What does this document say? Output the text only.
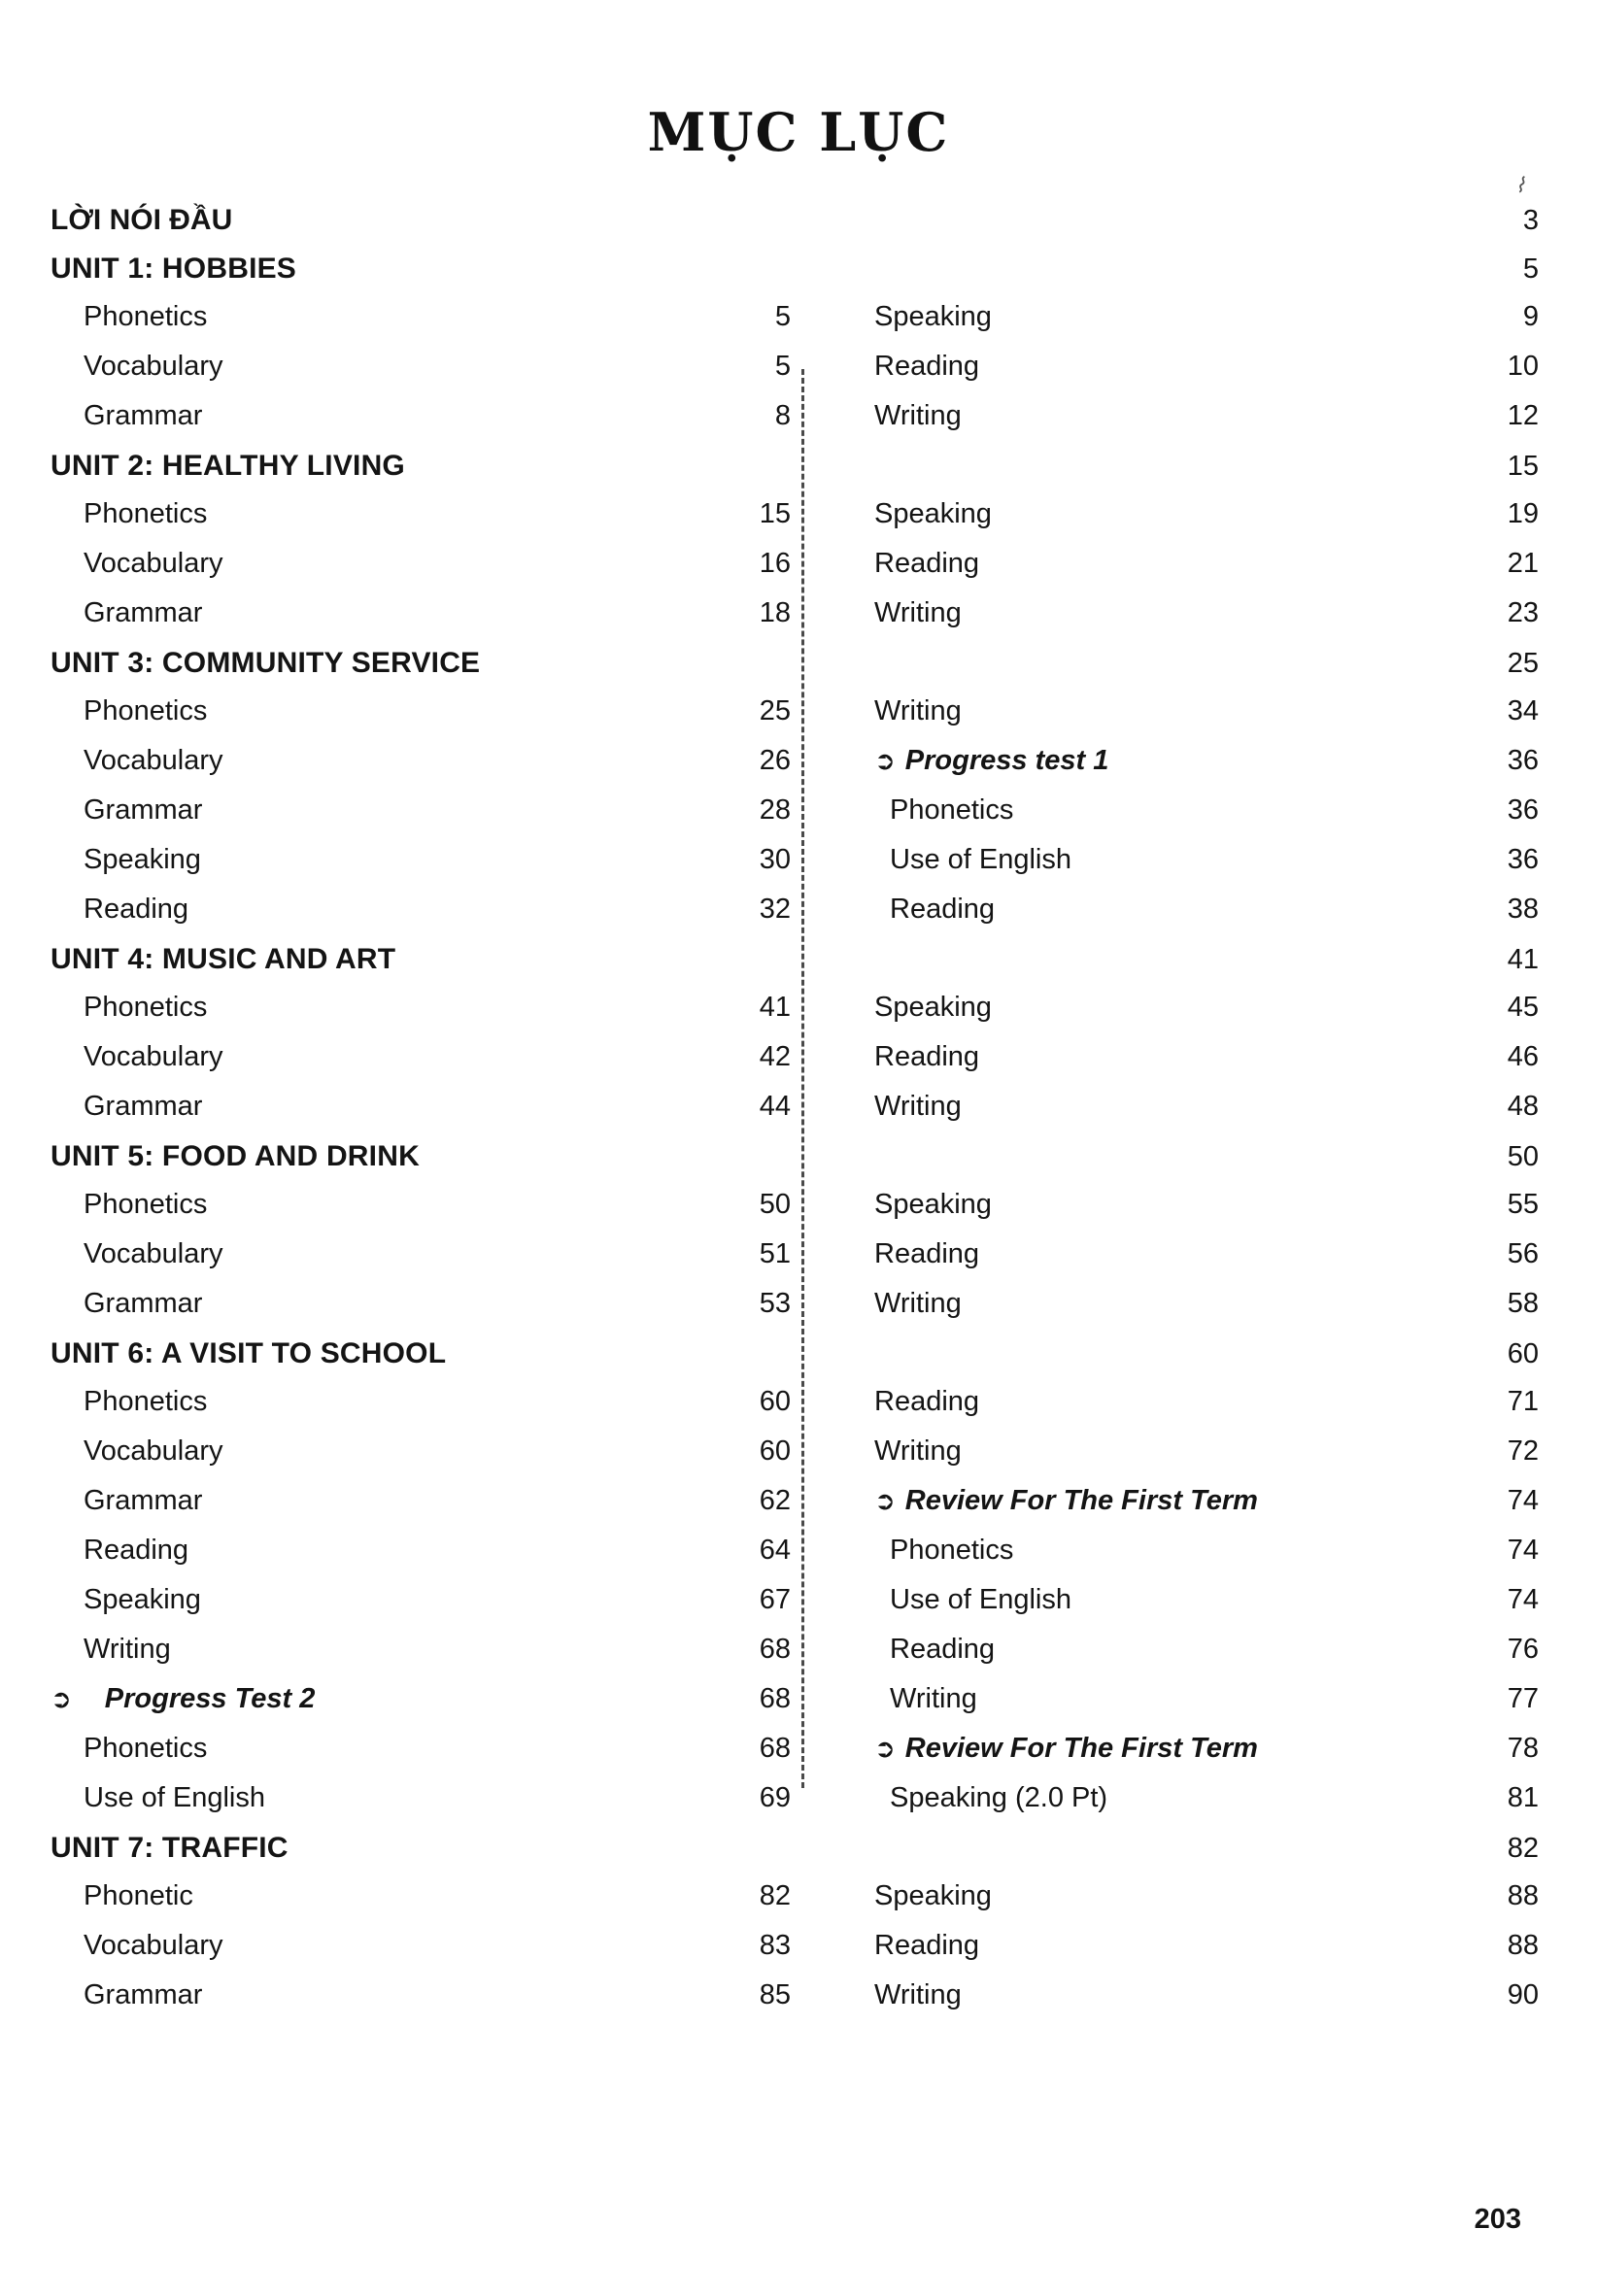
MỤC LỤC
⌇
LỜI NÓI ĐẦU	3
UNIT 1: HOBBIES	5
Phonetics	5	Speaking	9
Vocabulary	5	Reading	10
Grammar	8	Writing	12
UNIT 2: HEALTHY LIVING	15
Phonetics	15	Speaking	19
Vocabulary	16	Reading	21
Grammar	18	Writing	23
UNIT 3: COMMUNITY SERVICE	25
Phonetics	25	Writing	34
Vocabulary	26	➲ Progress test 1	36
Grammar	28	Phonetics	36
Speaking	30	Use of English	36
Reading	32	Reading	38
UNIT 4: MUSIC AND ART	41
Phonetics	41	Speaking	45
Vocabulary	42	Reading	46
Grammar	44	Writing	48
UNIT 5: FOOD AND DRINK	50
Phonetics	50	Speaking	55
Vocabulary	51	Reading	56
Grammar	53	Writing	58
UNIT 6: A VISIT TO SCHOOL	60
Phonetics	60	Reading	71
Vocabulary	60	Writing	72
Grammar	62	➲ Review For The First Term	74
Reading	64	Phonetics	74
Speaking	67	Use of English	74
Writing	68	Reading	76
➲	Progress Test 2	68	Writing	77
Phonetics	68	➲ Review For The First Term	78
Use of English	69	Speaking (2.0 Pt)	81
UNIT 7: TRAFFIC	82
Phonetic	82	Speaking	88
Vocabulary	83	Reading	88
Grammar	85	Writing	90
203
